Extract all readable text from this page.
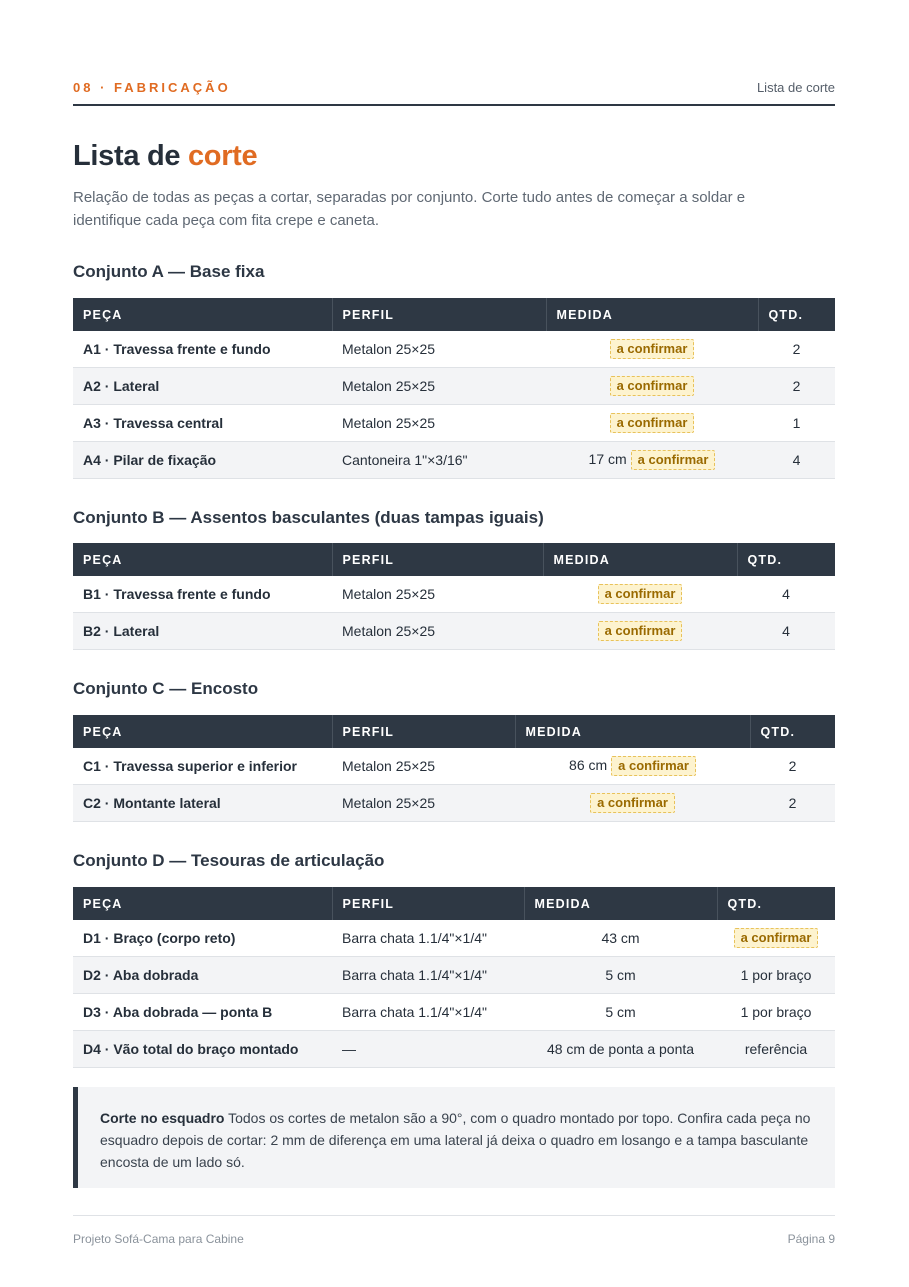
08 · FABRICAÇÃO	Lista de corte
Lista de corte

Relação de todas as peças a cortar, separadas por conjunto. Corte tudo antes de começar a soldar e identifique cada peça com fita crepe e caneta.

Conjunto A — Base fixa
PEÇA	PERFIL	MEDIDA	QTD.
A1 · Travessa frente e fundo	Metalon 25×25	a confirmar	2
A2 · Lateral	Metalon 25×25	a confirmar	2
A3 · Travessa central	Metalon 25×25	a confirmar	1
A4 · Pilar de fixação	Cantoneira 1"×3/16"	17 cm a confirmar	4
Conjunto B — Assentos basculantes (duas tampas iguais)
PEÇA	PERFIL	MEDIDA	QTD.
B1 · Travessa frente e fundo	Metalon 25×25	a confirmar	4
B2 · Lateral	Metalon 25×25	a confirmar	4
Conjunto C — Encosto
PEÇA	PERFIL	MEDIDA	QTD.
C1 · Travessa superior e inferior	Metalon 25×25	86 cm a confirmar	2
C2 · Montante lateral	Metalon 25×25	a confirmar	2
Conjunto D — Tesouras de articulação
PEÇA	PERFIL	MEDIDA	QTD.
D1 · Braço (corpo reto)	Barra chata 1.1/4"×1/4"	43 cm	a confirmar
D2 · Aba dobrada	Barra chata 1.1/4"×1/4"	5 cm	1 por braço
D3 · Aba dobrada — ponta B	Barra chata 1.1/4"×1/4"	5 cm	1 por braço
D4 · Vão total do braço montado	—	48 cm de ponta a ponta	referência
Corte no esquadro Todos os cortes de metalon são a 90°, com o quadro montado por topo. Confira cada peça no esquadro depois de cortar: 2 mm de diferença em uma lateral já deixa o quadro em losango e a tampa basculante encosta de um lado só.
Projeto Sofá-Cama para Cabine	Página 9
